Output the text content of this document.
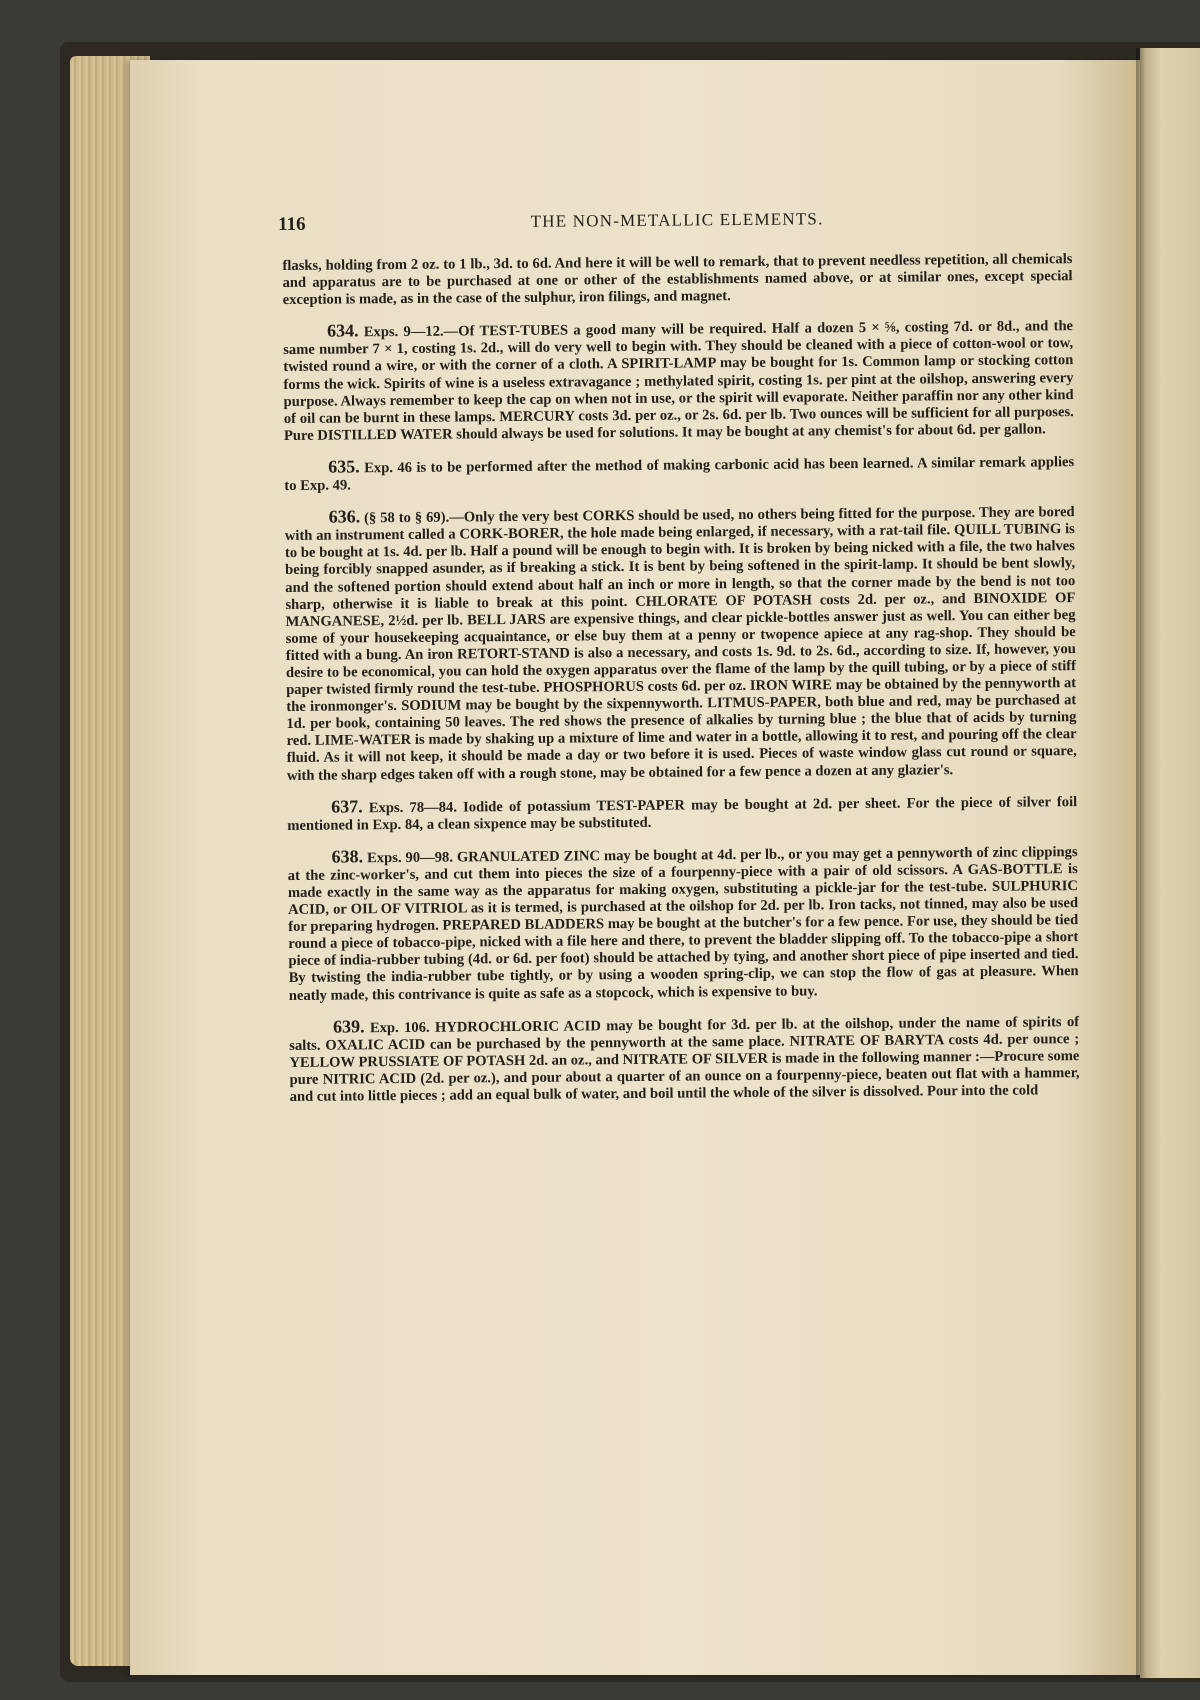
116	THE NON-METALLIC ELEMENTS.

flasks, holding from 2 oz. to 1 lb., 3d. to 6d. And here it will be well to remark, that to prevent needless repetition, all chemicals and apparatus are to be purchased at one or other of the establishments named above, or at similar ones, except special exception is made, as in the case of the sulphur, iron filings, and magnet.

634. Exps. 9—12.—Of TEST-TUBES a good many will be required. Half a dozen 5 × ⅝, costing 7d. or 8d., and the same number 7 × 1, costing 1s. 2d., will do very well to begin with. They should be cleaned with a piece of cotton-wool or tow, twisted round a wire, or with the corner of a cloth. A SPIRIT-LAMP may be bought for 1s. Common lamp or stocking cotton forms the wick. Spirits of wine is a useless extravagance ; methylated spirit, costing 1s. per pint at the oilshop, answering every purpose. Always remember to keep the cap on when not in use, or the spirit will evaporate. Neither paraffin nor any other kind of oil can be burnt in these lamps. MERCURY costs 3d. per oz., or 2s. 6d. per lb. Two ounces will be sufficient for all purposes. Pure DISTILLED WATER should always be used for solutions. It may be bought at any chemist's for about 6d. per gallon.

635. Exp. 46 is to be performed after the method of making carbonic acid has been learned. A similar remark applies to Exp. 49.

636. (§ 58 to § 69).—Only the very best CORKS should be used, no others being fitted for the purpose. They are bored with an instrument called a CORK-BORER, the hole made being enlarged, if necessary, with a rat-tail file. QUILL TUBING is to be bought at 1s. 4d. per lb. Half a pound will be enough to begin with. It is broken by being nicked with a file, the two halves being forcibly snapped asunder, as if breaking a stick. It is bent by being softened in the spirit-lamp. It should be bent slowly, and the softened portion should extend about half an inch or more in length, so that the corner made by the bend is not too sharp, otherwise it is liable to break at this point. CHLORATE OF POTASH costs 2d. per oz., and BINOXIDE OF MANGANESE, 2½d. per lb. BELL JARS are expensive things, and clear pickle-bottles answer just as well. You can either beg some of your housekeeping acquaintance, or else buy them at a penny or twopence apiece at any rag-shop. They should be fitted with a bung. An iron RETORT-STAND is also a necessary, and costs 1s. 9d. to 2s. 6d., according to size. If, however, you desire to be economical, you can hold the oxygen apparatus over the flame of the lamp by the quill tubing, or by a piece of stiff paper twisted firmly round the test-tube. PHOSPHORUS costs 6d. per oz. IRON WIRE may be obtained by the pennyworth at the ironmonger's. SODIUM may be bought by the sixpennyworth. LITMUS-PAPER, both blue and red, may be purchased at 1d. per book, containing 50 leaves. The red shows the presence of alkalies by turning blue ; the blue that of acids by turning red. LIME-WATER is made by shaking up a mixture of lime and water in a bottle, allowing it to rest, and pouring off the clear fluid. As it will not keep, it should be made a day or two before it is used. Pieces of waste window glass cut round or square, with the sharp edges taken off with a rough stone, may be obtained for a few pence a dozen at any glazier's.

637. Exps. 78—84. Iodide of potassium TEST-PAPER may be bought at 2d. per sheet. For the piece of silver foil mentioned in Exp. 84, a clean sixpence may be substituted.

638. Exps. 90—98. GRANULATED ZINC may be bought at 4d. per lb., or you may get a pennyworth of zinc clippings at the zinc-worker's, and cut them into pieces the size of a fourpenny-piece with a pair of old scissors. A GAS-BOTTLE is made exactly in the same way as the apparatus for making oxygen, substituting a pickle-jar for the test-tube. SULPHURIC ACID, or OIL OF VITRIOL as it is termed, is purchased at the oilshop for 2d. per lb. Iron tacks, not tinned, may also be used for preparing hydrogen. PREPARED BLADDERS may be bought at the butcher's for a few pence. For use, they should be tied round a piece of tobacco-pipe, nicked with a file here and there, to prevent the bladder slipping off. To the tobacco-pipe a short piece of india-rubber tubing (4d. or 6d. per foot) should be attached by tying, and another short piece of pipe inserted and tied. By twisting the india-rubber tube tightly, or by using a wooden spring-clip, we can stop the flow of gas at pleasure. When neatly made, this contrivance is quite as safe as a stopcock, which is expensive to buy.

639. Exp. 106. HYDROCHLORIC ACID may be bought for 3d. per lb. at the oilshop, under the name of spirits of salts. OXALIC ACID can be purchased by the pennyworth at the same place. NITRATE OF BARYTA costs 4d. per ounce ; YELLOW PRUSSIATE OF POTASH 2d. an oz., and NITRATE OF SILVER is made in the following manner :—Procure some pure NITRIC ACID (2d. per oz.), and pour about a quarter of an ounce on a fourpenny-piece, beaten out flat with a hammer, and cut into little pieces ; add an equal bulk of water, and boil until the whole of the silver is dissolved. Pour into the cold
